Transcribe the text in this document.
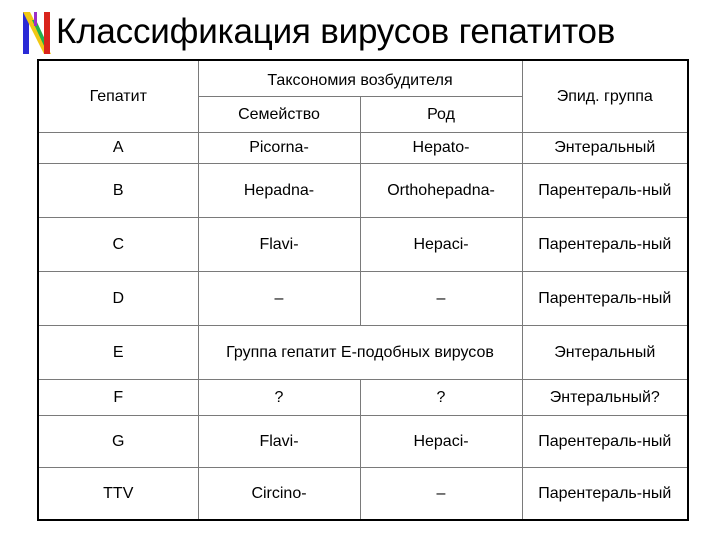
Классификация вирусов гепатитов
Гепатит	Таксономия возбудителя		Эпид. группа
	Семейство	Род	
A	Picorna-	Hepato-	Энтеральный
B	Hepadna-	Orthohepadna-	Парентераль-ный
C	Flavi-	Hepaci-	Парентераль-ный
D	–	–	Парентераль-ный
E	Группа гепатит Е-подобных вирусов		Энтеральный
F	?	?	Энтеральный?
G	Flavi-	Hepaci-	Парентераль-ный
TTV	Circino-	–	Парентераль-ный
